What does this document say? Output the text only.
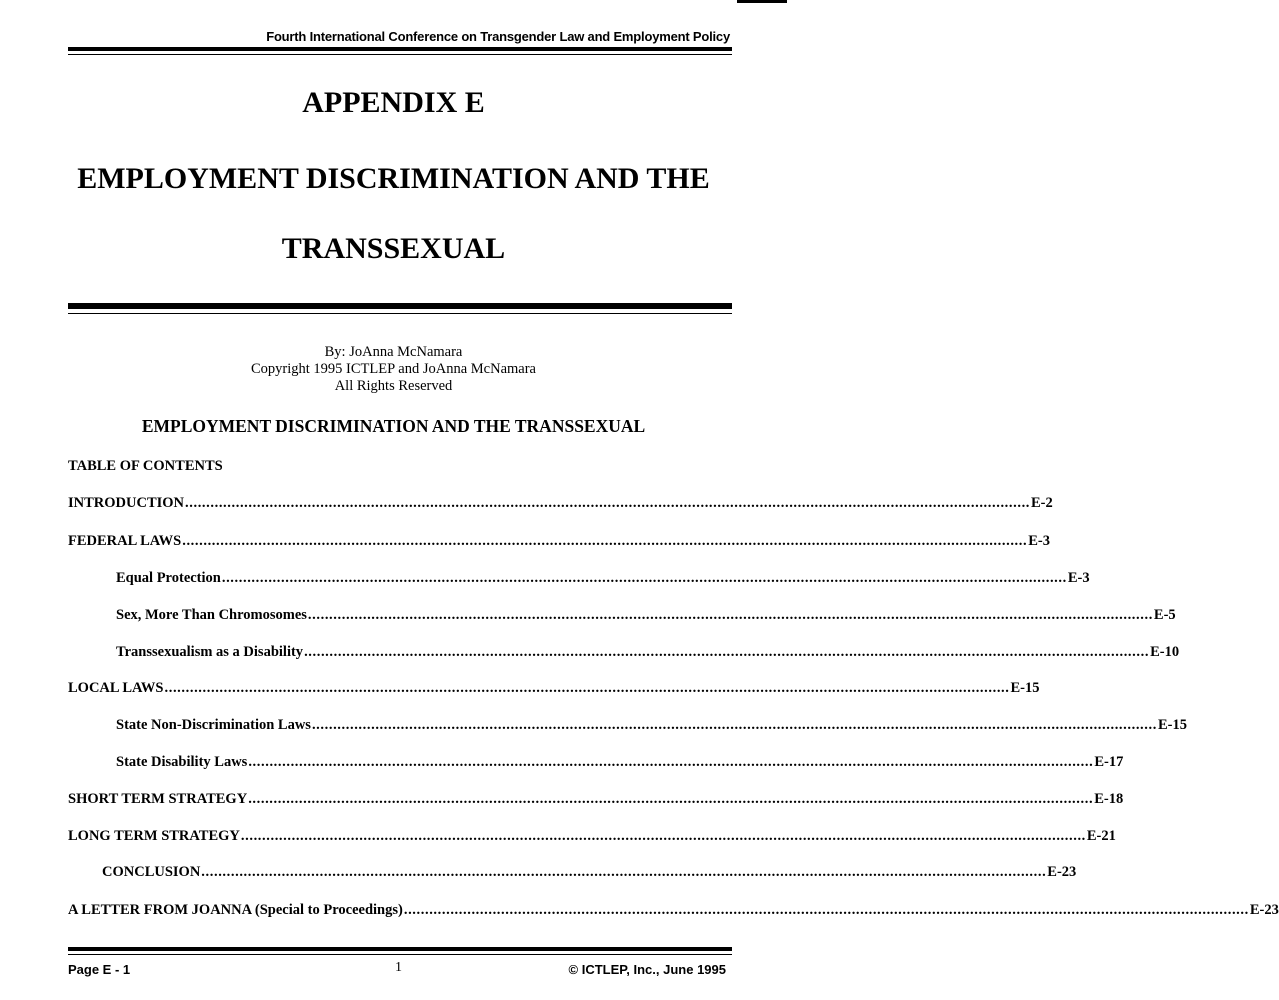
Fourth International Conference on Transgender Law and Employment Policy
APPENDIX E
EMPLOYMENT DISCRIMINATION AND THE
TRANSSEXUAL
By: JoAnna McNamara
Copyright 1995 ICTLEP and JoAnna McNamara
All Rights Reserved
EMPLOYMENT DISCRIMINATION AND THE TRANSSEXUAL
TABLE OF CONTENTS
INTRODUCTION ........................................................................................................................................................................................................ E-2
FEDERAL LAWS ........................................................................................................................................................................................................ E-3
Equal Protection ........................................................................................................................................................................................................ E-3
Sex, More Than Chromosomes ........................................................................................................................................................................................................ E-5
Transsexualism as a Disability ........................................................................................................................................................................................................ E-10
LOCAL LAWS ........................................................................................................................................................................................................ E-15
State Non-Discrimination Laws ........................................................................................................................................................................................................ E-15
State Disability Laws ........................................................................................................................................................................................................ E-17
SHORT TERM STRATEGY ........................................................................................................................................................................................................ E-18
LONG TERM STRATEGY ........................................................................................................................................................................................................ E-21
CONCLUSION ........................................................................................................................................................................................................ E-23
A LETTER FROM JOANNA (Special to Proceedings) ........................................................................................................................................................................................................ E-23
Page E - 1	1	© ICTLEP, Inc., June 1995
